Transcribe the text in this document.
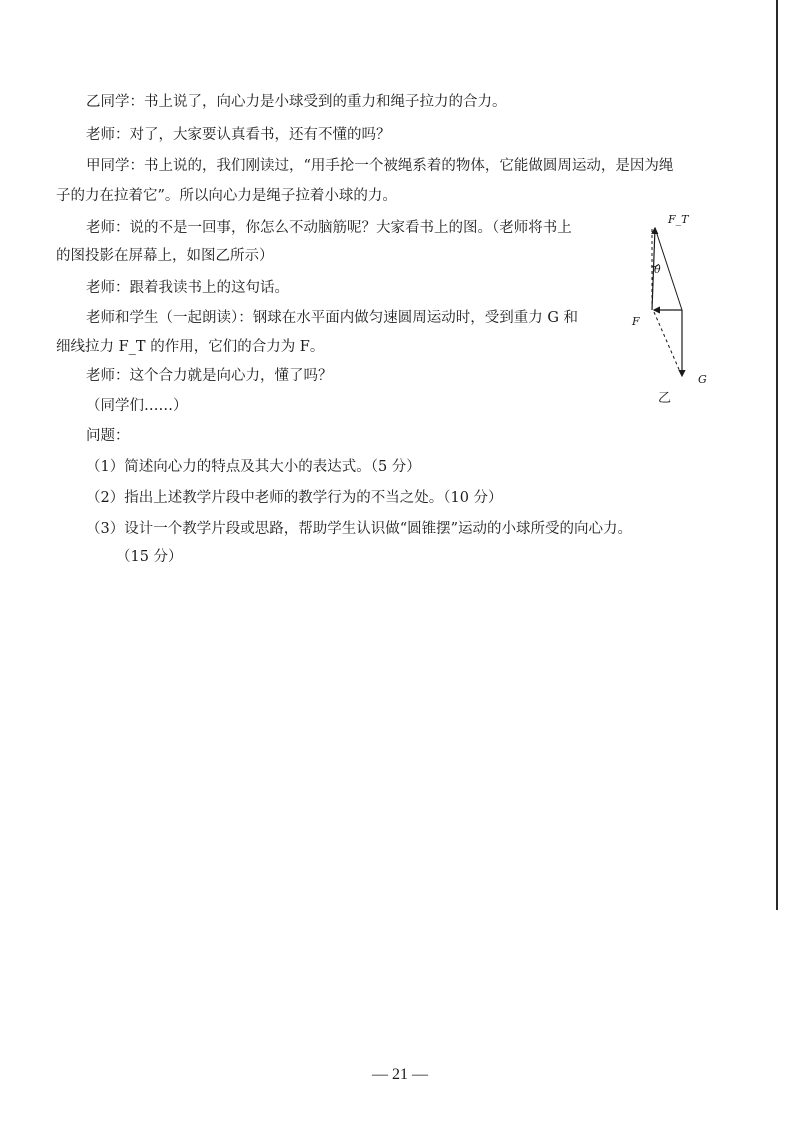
乙同学：书上说了，向心力是小球受到的重力和绳子拉力的合力。
老师：对了，大家要认真看书，还有不懂的吗？
甲同学：书上说的，我们刚读过，“用手抡一个被绳系着的物体，它能做圆周运动，是因为绳
子的力在拉着它”。所以向心力是绳子拉着小球的力。
老师：说的不是一回事，你怎么不动脑筋呢？大家看书上的图。（老师将书上
的图投影在屏幕上，如图乙所示）
老师：跟着我读书上的这句话。
老师和学生（一起朗读）：钢球在水平面内做匀速圆周运动时，受到重力 G 和
细线拉力 F_T 的作用，它们的合力为 F。
老师：这个合力就是向心力，懂了吗？
（同学们……）
问题：
（1）简述向心力的特点及其大小的表达式。（5 分）
（2）指出上述教学片段中老师的教学行为的不当之处。（10 分）
（3）设计一个教学片段或思路，帮助学生认识做“圆锥摆”运动的小球所受的向心力。
（15 分）
F_T
θ
F
G
乙
— 21 —
